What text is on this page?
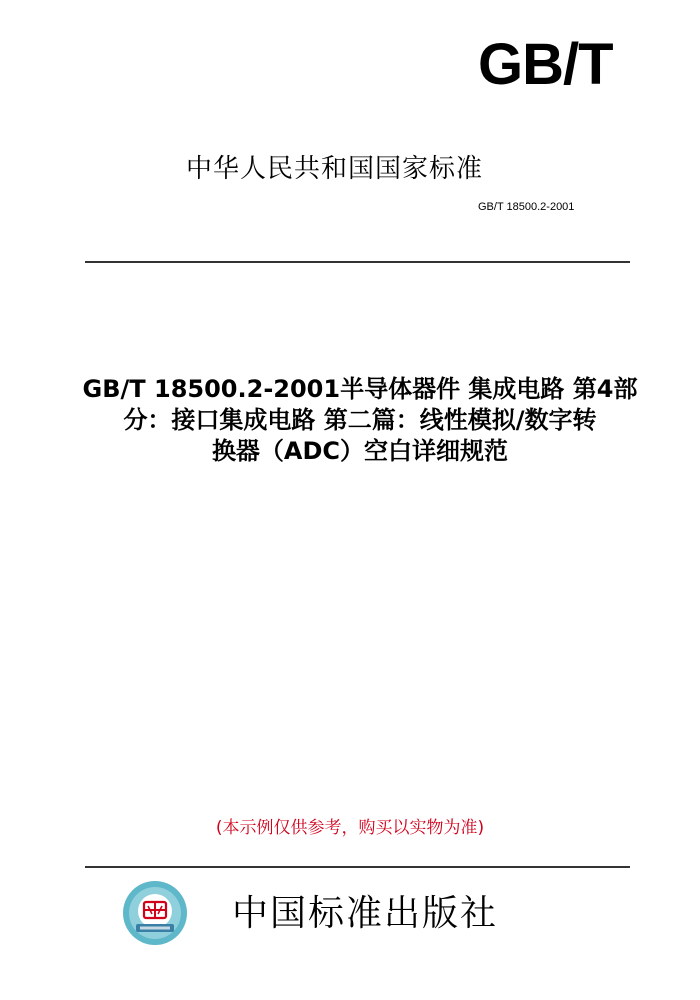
GB/T
中华人民共和国国家标准
GB/T 18500.2-2001
GB/T 18500.2-2001半导体器件 集成电路 第4部
分：接口集成电路 第二篇：线性模拟/数字转
换器（ADC）空白详细规范
(本示例仅供参考，购买以实物为准)
中国标准出版社
